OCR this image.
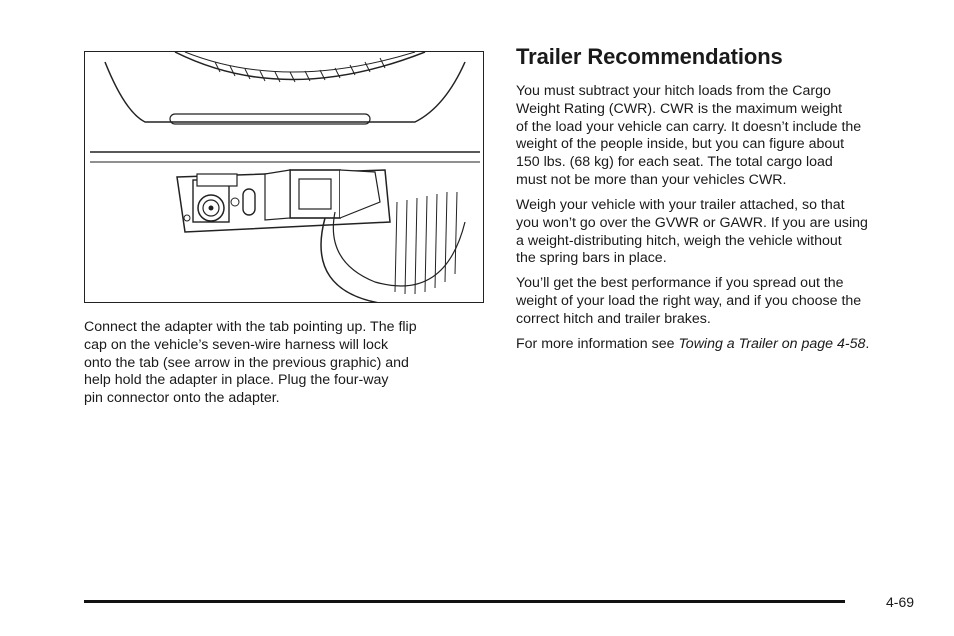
Connect the adapter with the tab pointing up. The flip
cap on the vehicle’s seven-wire harness will lock
onto the tab (see arrow in the previous graphic) and
help hold the adapter in place. Plug the four-way
pin connector onto the adapter.

Trailer Recommendations

You must subtract your hitch loads from the Cargo
Weight Rating (CWR). CWR is the maximum weight
of the load your vehicle can carry. It doesn’t include the
weight of the people inside, but you can figure about
150 lbs. (68 kg) for each seat. The total cargo load
must not be more than your vehicles CWR.

Weigh your vehicle with your trailer attached, so that
you won’t go over the GVWR or GAWR. If you are using
a weight-distributing hitch, weigh the vehicle without
the spring bars in place.

You’ll get the best performance if you spread out the
weight of your load the right way, and if you choose the
correct hitch and trailer brakes.

For more information see Towing a Trailer on page 4-58.

4-69
